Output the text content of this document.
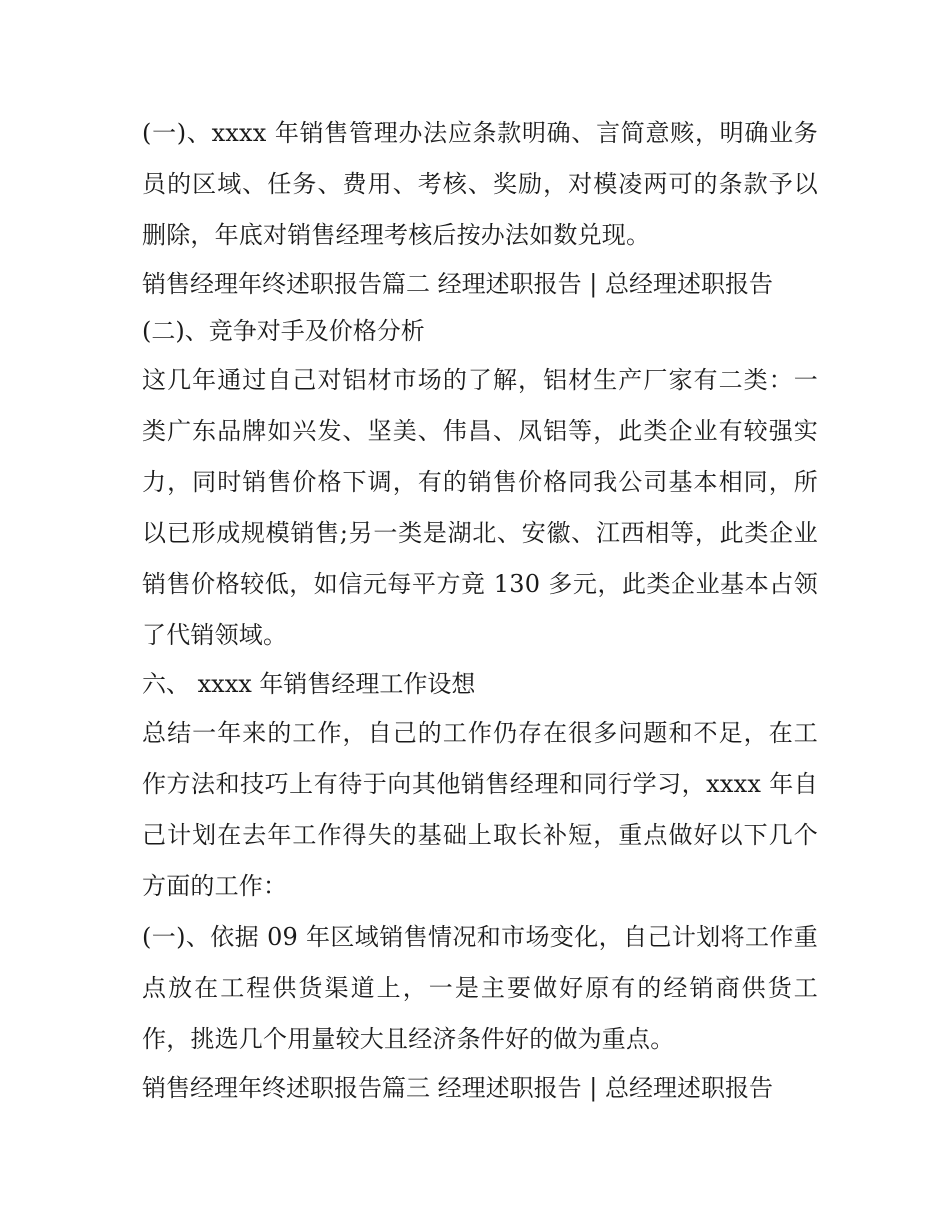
(一)、xxxx 年销售管理办法应条款明确、言简意赅，明确业务员的区域、任务、费用、考核、奖励，对模凌两可的条款予以删除，年底对销售经理考核后按办法如数兑现。

销售经理年终述职报告篇二 经理述职报告 | 总经理述职报告

(二)、竞争对手及价格分析

这几年通过自己对铝材市场的了解，铝材生产厂家有二类：一类广东品牌如兴发、坚美、伟昌、凤铝等，此类企业有较强实力，同时销售价格下调，有的销售价格同我公司基本相同，所以已形成规模销售;另一类是湖北、安徽、江西相等，此类企业销售价格较低，如信元每平方竟 130 多元，此类企业基本占领了代销领域。

六、 xxxx 年销售经理工作设想

总结一年来的工作，自己的工作仍存在很多问题和不足，在工作方法和技巧上有待于向其他销售经理和同行学习，xxxx 年自己计划在去年工作得失的基础上取长补短，重点做好以下几个方面的工作：

(一)、依据 09 年区域销售情况和市场变化，自己计划将工作重点放在工程供货渠道上，一是主要做好原有的经销商供货工作，挑选几个用量较大且经济条件好的做为重点。

销售经理年终述职报告篇三 经理述职报告 | 总经理述职报告
